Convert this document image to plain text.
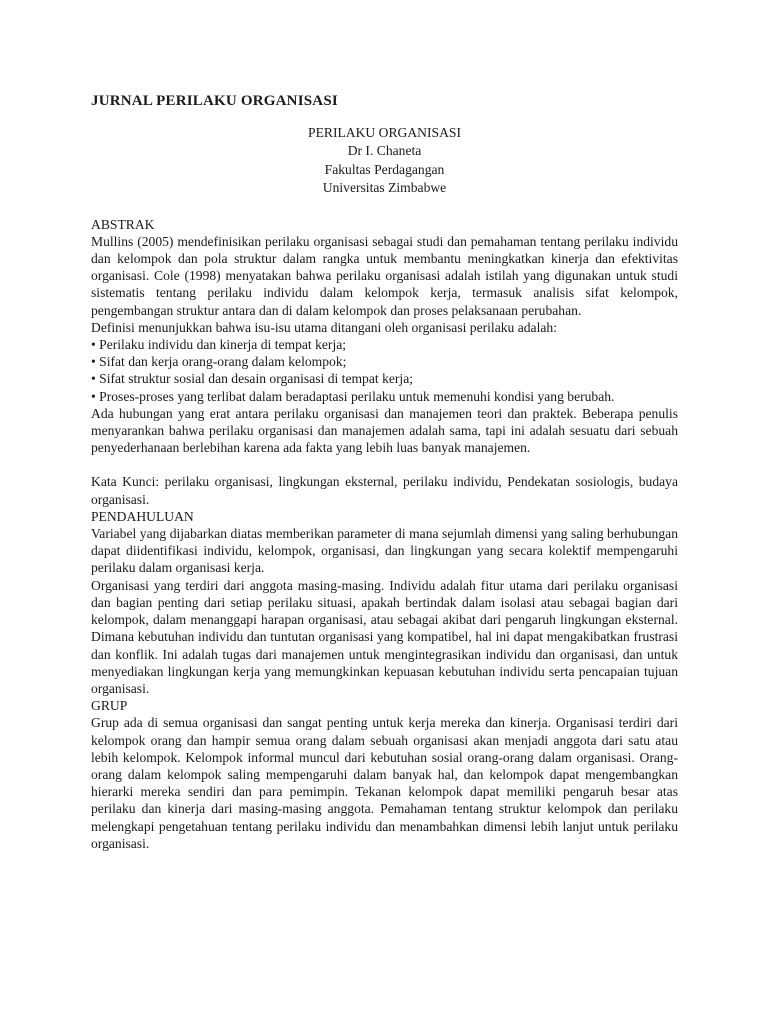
JURNAL PERILAKU ORGANISASI
PERILAKU ORGANISASI
Dr I. Chaneta
Fakultas Perdagangan
Universitas Zimbabwe

ABSTRAK

Mullins (2005) mendefinisikan perilaku organisasi sebagai studi dan pemahaman tentang perilaku individu dan kelompok dan pola struktur dalam rangka untuk membantu meningkatkan kinerja dan efektivitas organisasi. Cole (1998) menyatakan bahwa perilaku organisasi adalah istilah yang digunakan untuk studi sistematis tentang perilaku individu dalam kelompok kerja, termasuk analisis sifat kelompok, pengembangan struktur antara dan di dalam kelompok dan proses pelaksanaan perubahan.

Definisi menunjukkan bahwa isu-isu utama ditangani oleh organisasi perilaku adalah:

• Perilaku individu dan kinerja di tempat kerja;
• Sifat dan kerja orang-orang dalam kelompok;
• Sifat struktur sosial dan desain organisasi di tempat kerja;
• Proses-proses yang terlibat dalam beradaptasi perilaku untuk memenuhi kondisi yang berubah.

Ada hubungan yang erat antara perilaku organisasi dan manajemen teori dan praktek. Beberapa penulis menyarankan bahwa perilaku organisasi dan manajemen adalah sama, tapi ini adalah sesuatu dari sebuah penyederhanaan berlebihan karena ada fakta yang lebih luas banyak manajemen.

Kata Kunci: perilaku organisasi, lingkungan eksternal, perilaku individu, Pendekatan sosiologis, budaya organisasi.

PENDAHULUAN

Variabel yang dijabarkan diatas memberikan parameter di mana sejumlah dimensi yang saling berhubungan dapat diidentifikasi individu, kelompok, organisasi, dan lingkungan yang secara kolektif mempengaruhi perilaku dalam organisasi kerja.

Organisasi yang terdiri dari anggota masing-masing. Individu adalah fitur utama dari perilaku organisasi dan bagian penting dari setiap perilaku situasi, apakah bertindak dalam isolasi atau sebagai bagian dari kelompok, dalam menanggapi harapan organisasi, atau sebagai akibat dari pengaruh lingkungan eksternal. Dimana kebutuhan individu dan tuntutan organisasi yang kompatibel, hal ini dapat mengakibatkan frustrasi dan konflik. Ini adalah tugas dari manajemen untuk mengintegrasikan individu dan organisasi, dan untuk menyediakan lingkungan kerja yang memungkinkan kepuasan kebutuhan individu serta pencapaian tujuan organisasi.

GRUP

Grup ada di semua organisasi dan sangat penting untuk kerja mereka dan kinerja. Organisasi terdiri dari kelompok orang dan hampir semua orang dalam sebuah organisasi akan menjadi anggota dari satu atau lebih kelompok. Kelompok informal muncul dari kebutuhan sosial orang-orang dalam organisasi. Orang-orang dalam kelompok saling mempengaruhi dalam banyak hal, dan kelompok dapat mengembangkan hierarki mereka sendiri dan para pemimpin. Tekanan kelompok dapat memiliki pengaruh besar atas perilaku dan kinerja dari masing-masing anggota. Pemahaman tentang struktur kelompok dan perilaku melengkapi pengetahuan tentang perilaku individu dan menambahkan dimensi lebih lanjut untuk perilaku organisasi.
